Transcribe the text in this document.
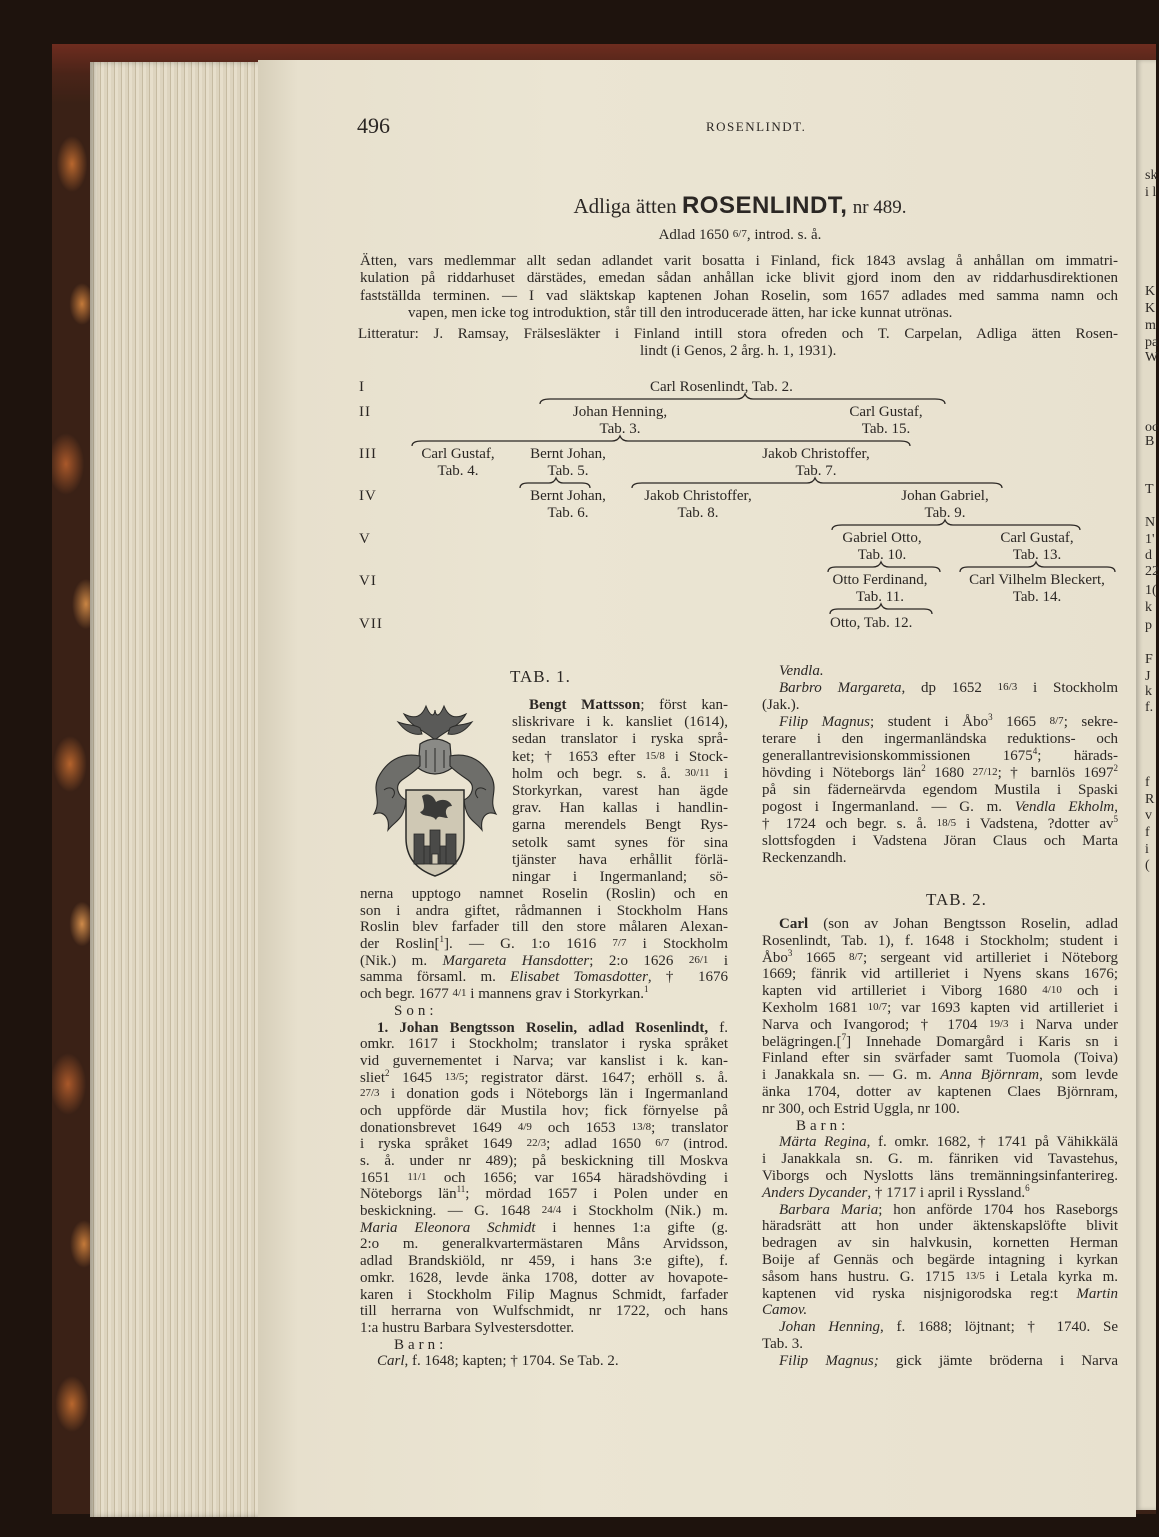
sk
i l
K
K
m
pa
W
oc
B
T
N
1'
d
22
1(
k
p
F
J
k
f.
f
R
v
f
i
(
496	ROSENLINDT.
Adliga ätten ROSENLINDT, nr 489.
Adlad 1650 6/7, introd. s. å.
Ätten, vars medlemmar allt sedan adlandet varit bosatta i Finland, fick 1843 avslag å anhållan om immatri-
kulation på riddarhuset därstädes, emedan sådan anhållan icke blivit gjord inom den av riddarhusdirektionen
fastställda terminen. — I vad släktskap kaptenen Johan Roselin, som 1657 adlades med samma namn och
vapen, men icke tog introduktion, står till den introducerade ätten, har icke kunnat utrönas.
Litteratur: J. Ramsay, Frälsesläkter i Finland intill stora ofreden och T. Carpelan, Adliga ätten Rosen-
lindt (i Genos, 2 årg. h. 1, 1931).
I
II
III
IV
V
VI
VII
Carl Rosenlindt, Tab. 2.
Johan Henning,
Tab. 3.
Carl Gustaf,
Tab. 15.
Carl Gustaf,
Tab. 4.
Bernt Johan,
Tab. 5.
Jakob Christoffer,
Tab. 7.
Bernt Johan,
Tab. 6.
Jakob Christoffer,
Tab. 8.
Johan Gabriel,
Tab. 9.
Gabriel Otto,
Tab. 10.
Carl Gustaf,
Tab. 13.
Otto Ferdinand,
Tab. 11.
Carl Vilhelm Bleckert,
Tab. 14.
Otto, Tab. 12.
TAB. 1.
Bengt Mattsson; först kan-
sliskrivare i k. kansliet (1614),
sedan translator i ryska språ-
ket; † 1653 efter 15/8 i Stock-
holm och begr. s. å. 30/11 i
Storkyrkan, varest han ägde
grav. Han kallas i handlin-
garna merendels Bengt Rys-
setolk samt synes för sina
tjänster hava erhållit förlä-
ningar i Ingermanland; sö-
nerna upptogo namnet Roselin (Roslin) och en
son i andra giftet, rådmannen i Stockholm Hans
Roslin blev farfader till den store målaren Alexan-
der Roslin[$^1$]. — G. 1:o 1616 7/7 i Stockholm
(Nik.) m. Margareta Hansdotter; 2:o 1626 26/1 i
samma församl. m. Elisabet Tomasdotter, † 1676
och begr. 1677 4/1 i mannens grav i Storkyrkan.$^1$
Son:
1. Johan Bengtsson Roselin, adlad Rosenlindt, f.
omkr. 1617 i Stockholm; translator i ryska språket
vid guvernementet i Narva; var kanslist i k. kan-
sliet$^2$ 1645 13/5; registrator därst. 1647; erhöll s. å.
27/3 i donation gods i Nöteborgs län i Ingermanland
och uppförde där Mustila hov; fick förnyelse på
donationsbrevet 1649 4/9 och 1653 13/8; translator
i ryska språket 1649 22/3; adlad 1650 6/7 (introd.
s. å. under nr 489); på beskickning till Moskva
1651 11/1 och 1656; var 1654 häradshövding i
Nöteborgs län$^{11}$; mördad 1657 i Polen under en
beskickning. — G. 1648 24/4 i Stockholm (Nik.) m.
Maria Eleonora Schmidt i hennes 1:a gifte (g.
2:o m. generalkvartermästaren Måns Arvidsson,
adlad Brandskiöld, nr 459, i hans 3:e gifte), f.
omkr. 1628, levde änka 1708, dotter av hovapote-
karen i Stockholm Filip Magnus Schmidt, farfader
till herrarna von Wulfschmidt, nr 1722, och hans
1:a hustru Barbara Sylvestersdotter.
Barn:
Carl, f. 1648; kapten; † 1704. Se Tab. 2.
Vendla.
Barbro Margareta, dp 1652 16/3 i Stockholm
(Jak.).
Filip Magnus; student i Åbo$^3$ 1665 8/7; sekre-
terare i den ingermanländska reduktions- och
generallantrevisionskommissionen 1675$^4$; härads-
hövding i Nöteborgs län$^2$ 1680 27/12; † barnlös 1697$^2$
på sin fäderneärvda egendom Mustila i Spaski
pogost i Ingermanland. — G. m. Vendla Ekholm,
† 1724 och begr. s. å. 18/5 i Vadstena, ?dotter $av^5$
slottsfogden i Vadstena Jöran Claus och Marta
Reckenzandh.
TAB. 2.
Carl (son av Johan Bengtsson Roselin, adlad
Rosenlindt, Tab. 1), f. 1648 i Stockholm; student i
Åbo$^3$ 1665 8/7; sergeant vid artilleriet i Nöteborg
1669; fänrik vid artilleriet i Nyens skans 1676;
kapten vid artilleriet i Viborg 1680 4/10 och i
Kexholm 1681 10/7; var 1693 kapten vid artilleriet i
Narva och Ivangorod; † 1704 19/3 i Narva under
belägringen.[$^7$] Innehade Domargård i Karis sn i
Finland efter sin svärfader samt Tuomola (Toiva)
i Janakkala sn. — G. m. Anna Björnram, som levde
änka 1704, dotter av kaptenen Claes Björnram,
nr 300, och Estrid Uggla, nr 100.
Barn:
Märta Regina, f. omkr. 1682, † 1741 på Vähikkälä
i Janakkala sn. G. m. fänriken vid Tavastehus,
Viborgs och Nyslotts läns tremänningsinfanterireg.
Anders Dycander, † 1717 i april i Ryssland.$^6$
Barbara Maria; hon anförde 1704 hos Raseborgs
häradsrätt att hon under äktenskapslöfte blivit
bedragen av sin halvkusin, kornetten Herman
Boije af Gennäs och begärde intagning i kyrkan
såsom hans hustru. G. 1715 13/5 i Letala kyrka m.
kaptenen vid ryska nisjnigorodska reg:t Martin
Camov.
Johan Henning, f. 1688; löjtnant; † 1740. Se
Tab. 3.
Filip Magnus; gick jämte bröderna i Narva
